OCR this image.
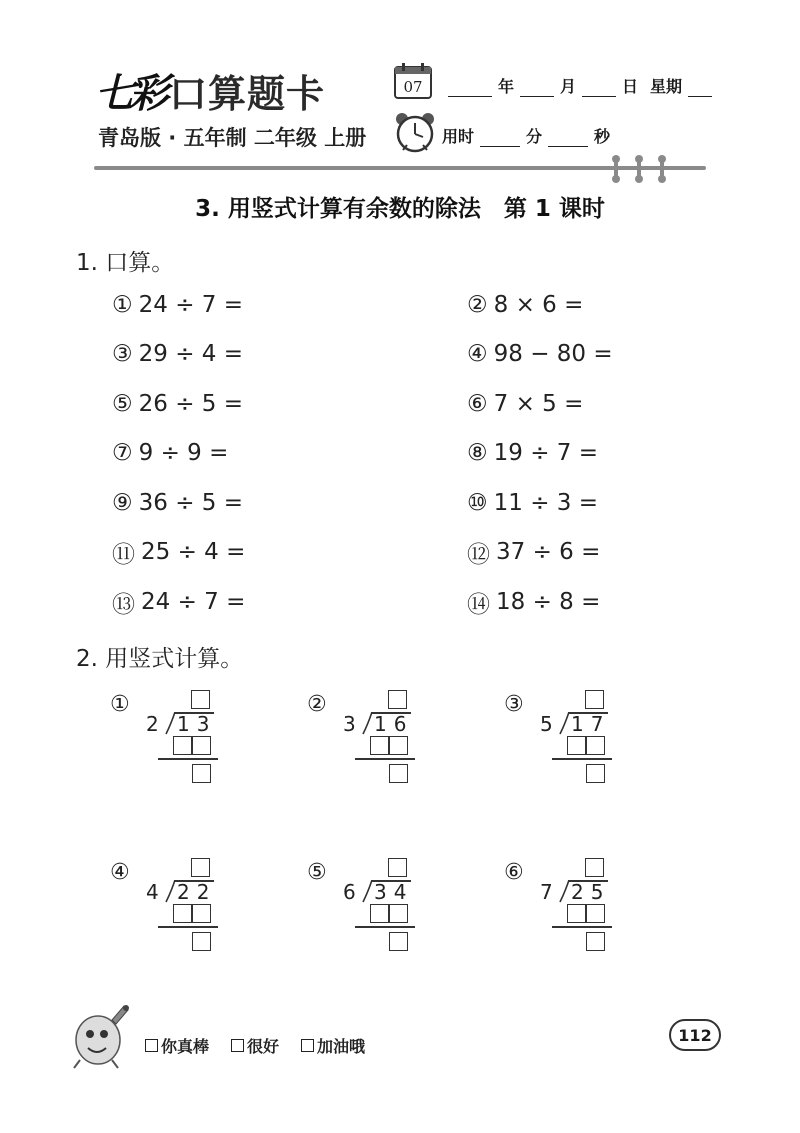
七彩 口算题卡
青岛版 · 五年制 二年级 上册
07	年	月	日 星期
用时	分	秒
3. 用竖式计算有余数的除法　第 1 课时
1. 口算。
① 24 ÷ 7 =	② 8 × 6 =
③ 29 ÷ 4 =	④ 98 − 80 =
⑤ 26 ÷ 5 =	⑥ 7 × 5 =
⑦ 9 ÷ 9 =	⑧ 19 ÷ 7 =
⑨ 36 ÷ 5 =	⑩ 11 ÷ 3 =
⑪ 25 ÷ 4 =	⑫ 37 ÷ 6 =
⑬ 24 ÷ 7 =	⑭ 18 ÷ 8 =
2. 用竖式计算。
①
2 13
②
3 16
③
5 17
④
4 22
⑤
6 34
⑥
7 25
你真棒 很好 加油哦
112
